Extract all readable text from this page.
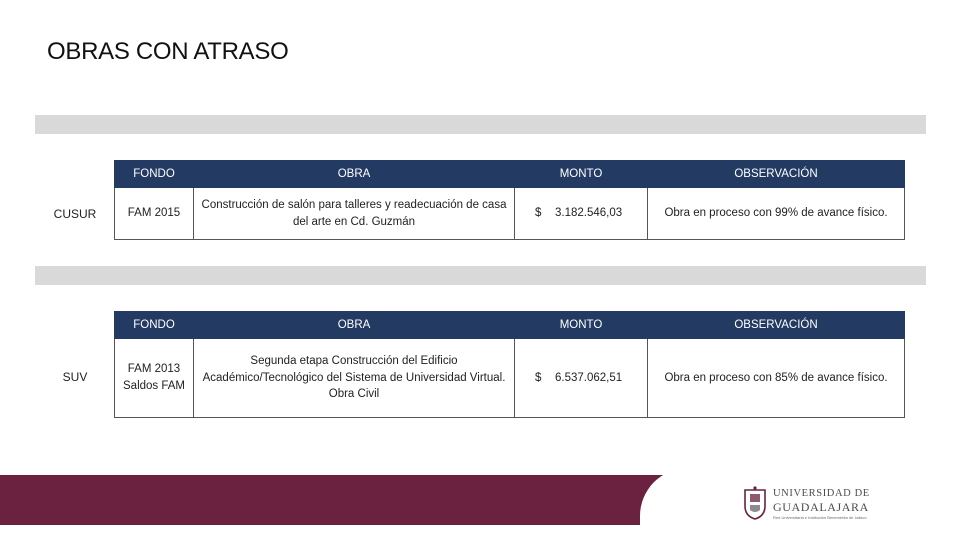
OBRAS CON ATRASO
CUSUR
FONDO	OBRA	MONTO	OBSERVACIÓN
FAM 2015	Construcción de salón para talleres y readecuación de casa del arte en Cd. Guzmán	$ 3.182.546,03	Obra en proceso con 99% de avance físico.
SUV
FONDO	OBRA	MONTO	OBSERVACIÓN
FAM 2013 Saldos FAM	Segunda etapa Construcción del Edificio Académico/Tecnológico del Sistema de Universidad Virtual. Obra Civil	$ 6.537.062,51	Obra en proceso con 85% de avance físico.
UNIVERSIDAD DE
GUADALAJARA
Red Universitaria e Institución Benemérita de Jalisco
